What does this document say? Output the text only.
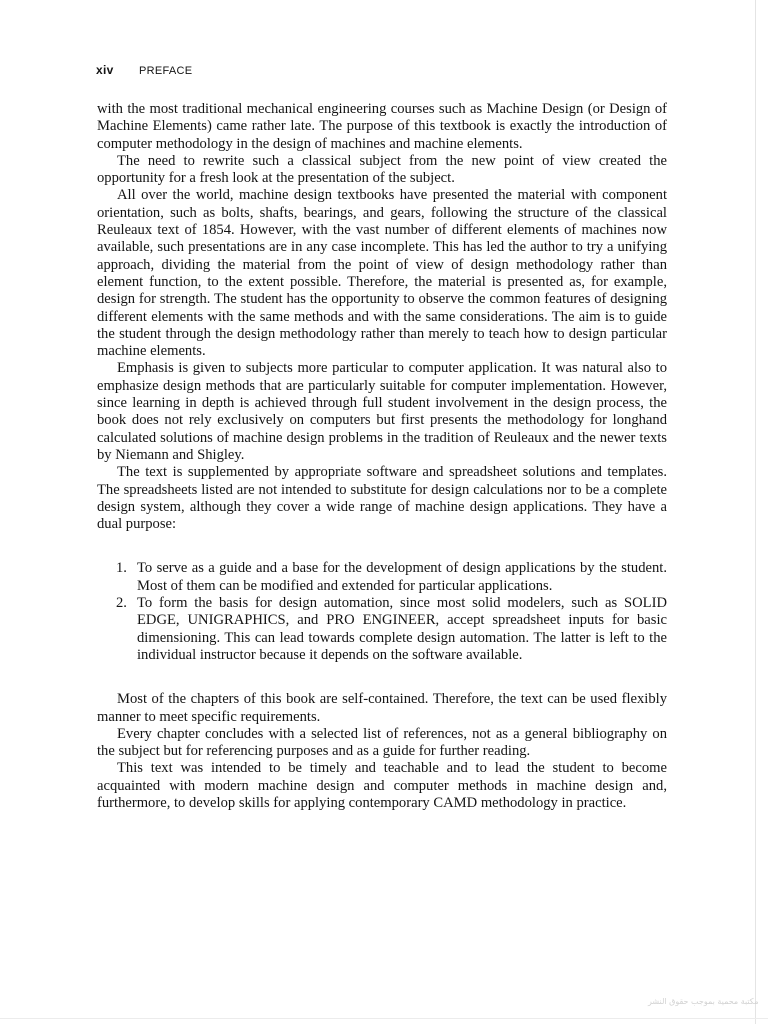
xiv PREFACE

with the most traditional mechanical engineering courses such as Machine Design (or Design of Machine Elements) came rather late. The purpose of this textbook is exactly the introduction of computer methodology in the design of machines and machine elements.

The need to rewrite such a classical subject from the new point of view created the opportunity for a fresh look at the presentation of the subject.

All over the world, machine design textbooks have presented the material with component orientation, such as bolts, shafts, bearings, and gears, following the structure of the classical Reuleaux text of 1854. However, with the vast number of different elements of machines now available, such presentations are in any case incomplete. This has led the author to try a unifying approach, dividing the material from the point of view of design methodology rather than element function, to the extent possible. Therefore, the material is presented as, for example, design for strength. The student has the opportunity to observe the common features of designing different elements with the same methods and with the same considerations. The aim is to guide the student through the design methodology rather than merely to teach how to design particular machine elements.

Emphasis is given to subjects more particular to computer application. It was natural also to emphasize design methods that are particularly suitable for computer implementation. However, since learning in depth is achieved through full student involvement in the design process, the book does not rely exclusively on computers but first presents the methodology for longhand calculated solutions of machine design problems in the tradition of Reuleaux and the newer texts by Niemann and Shigley.

The text is supplemented by appropriate software and spreadsheet solutions and templates. The spreadsheets listed are not intended to substitute for design calculations nor to be a complete design system, although they cover a wide range of machine design applications. They have a dual purpose:

1. To serve as a guide and a base for the development of design applications by the student. Most of them can be modified and extended for particular applications.
2. To form the basis for design automation, since most solid modelers, such as SOLID EDGE, UNIGRAPHICS, and PRO ENGINEER, accept spreadsheet inputs for basic dimensioning. This can lead towards complete design automation. The latter is left to the individual instructor because it depends on the software available.

Most of the chapters of this book are self-contained. Therefore, the text can be used flexibly manner to meet specific requirements.

Every chapter concludes with a selected list of references, not as a general bibliography on the subject but for referencing purposes and as a guide for further reading.

This text was intended to be timely and teachable and to lead the student to become acquainted with modern machine design and computer methods in machine design and, furthermore, to develop skills for applying contemporary CAMD methodology in practice.

مكتبة محمية بموجب حقوق النشر
